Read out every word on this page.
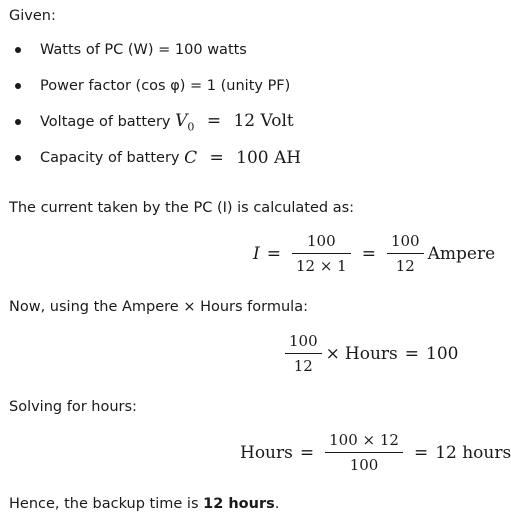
Given:
Watts of PC (W) = 100 watts
Power factor (cos φ) = 1 (unity PF)
Voltage of battery $V_0 = 12$ Volt
Capacity of battery C = 100 AH
The current taken by the PC (I) is calculated as:
$I = \frac{100}{12 \times 1} = \frac{100}{12}$ Ampere
Now, using the Ampere × Hours formula:
$\frac{100}{12}$ × Hours = 100
Solving for hours:
Hours = $\frac{100 \times 12}{100} = 12$ hours
Hence, the backup time is 12 hours.
